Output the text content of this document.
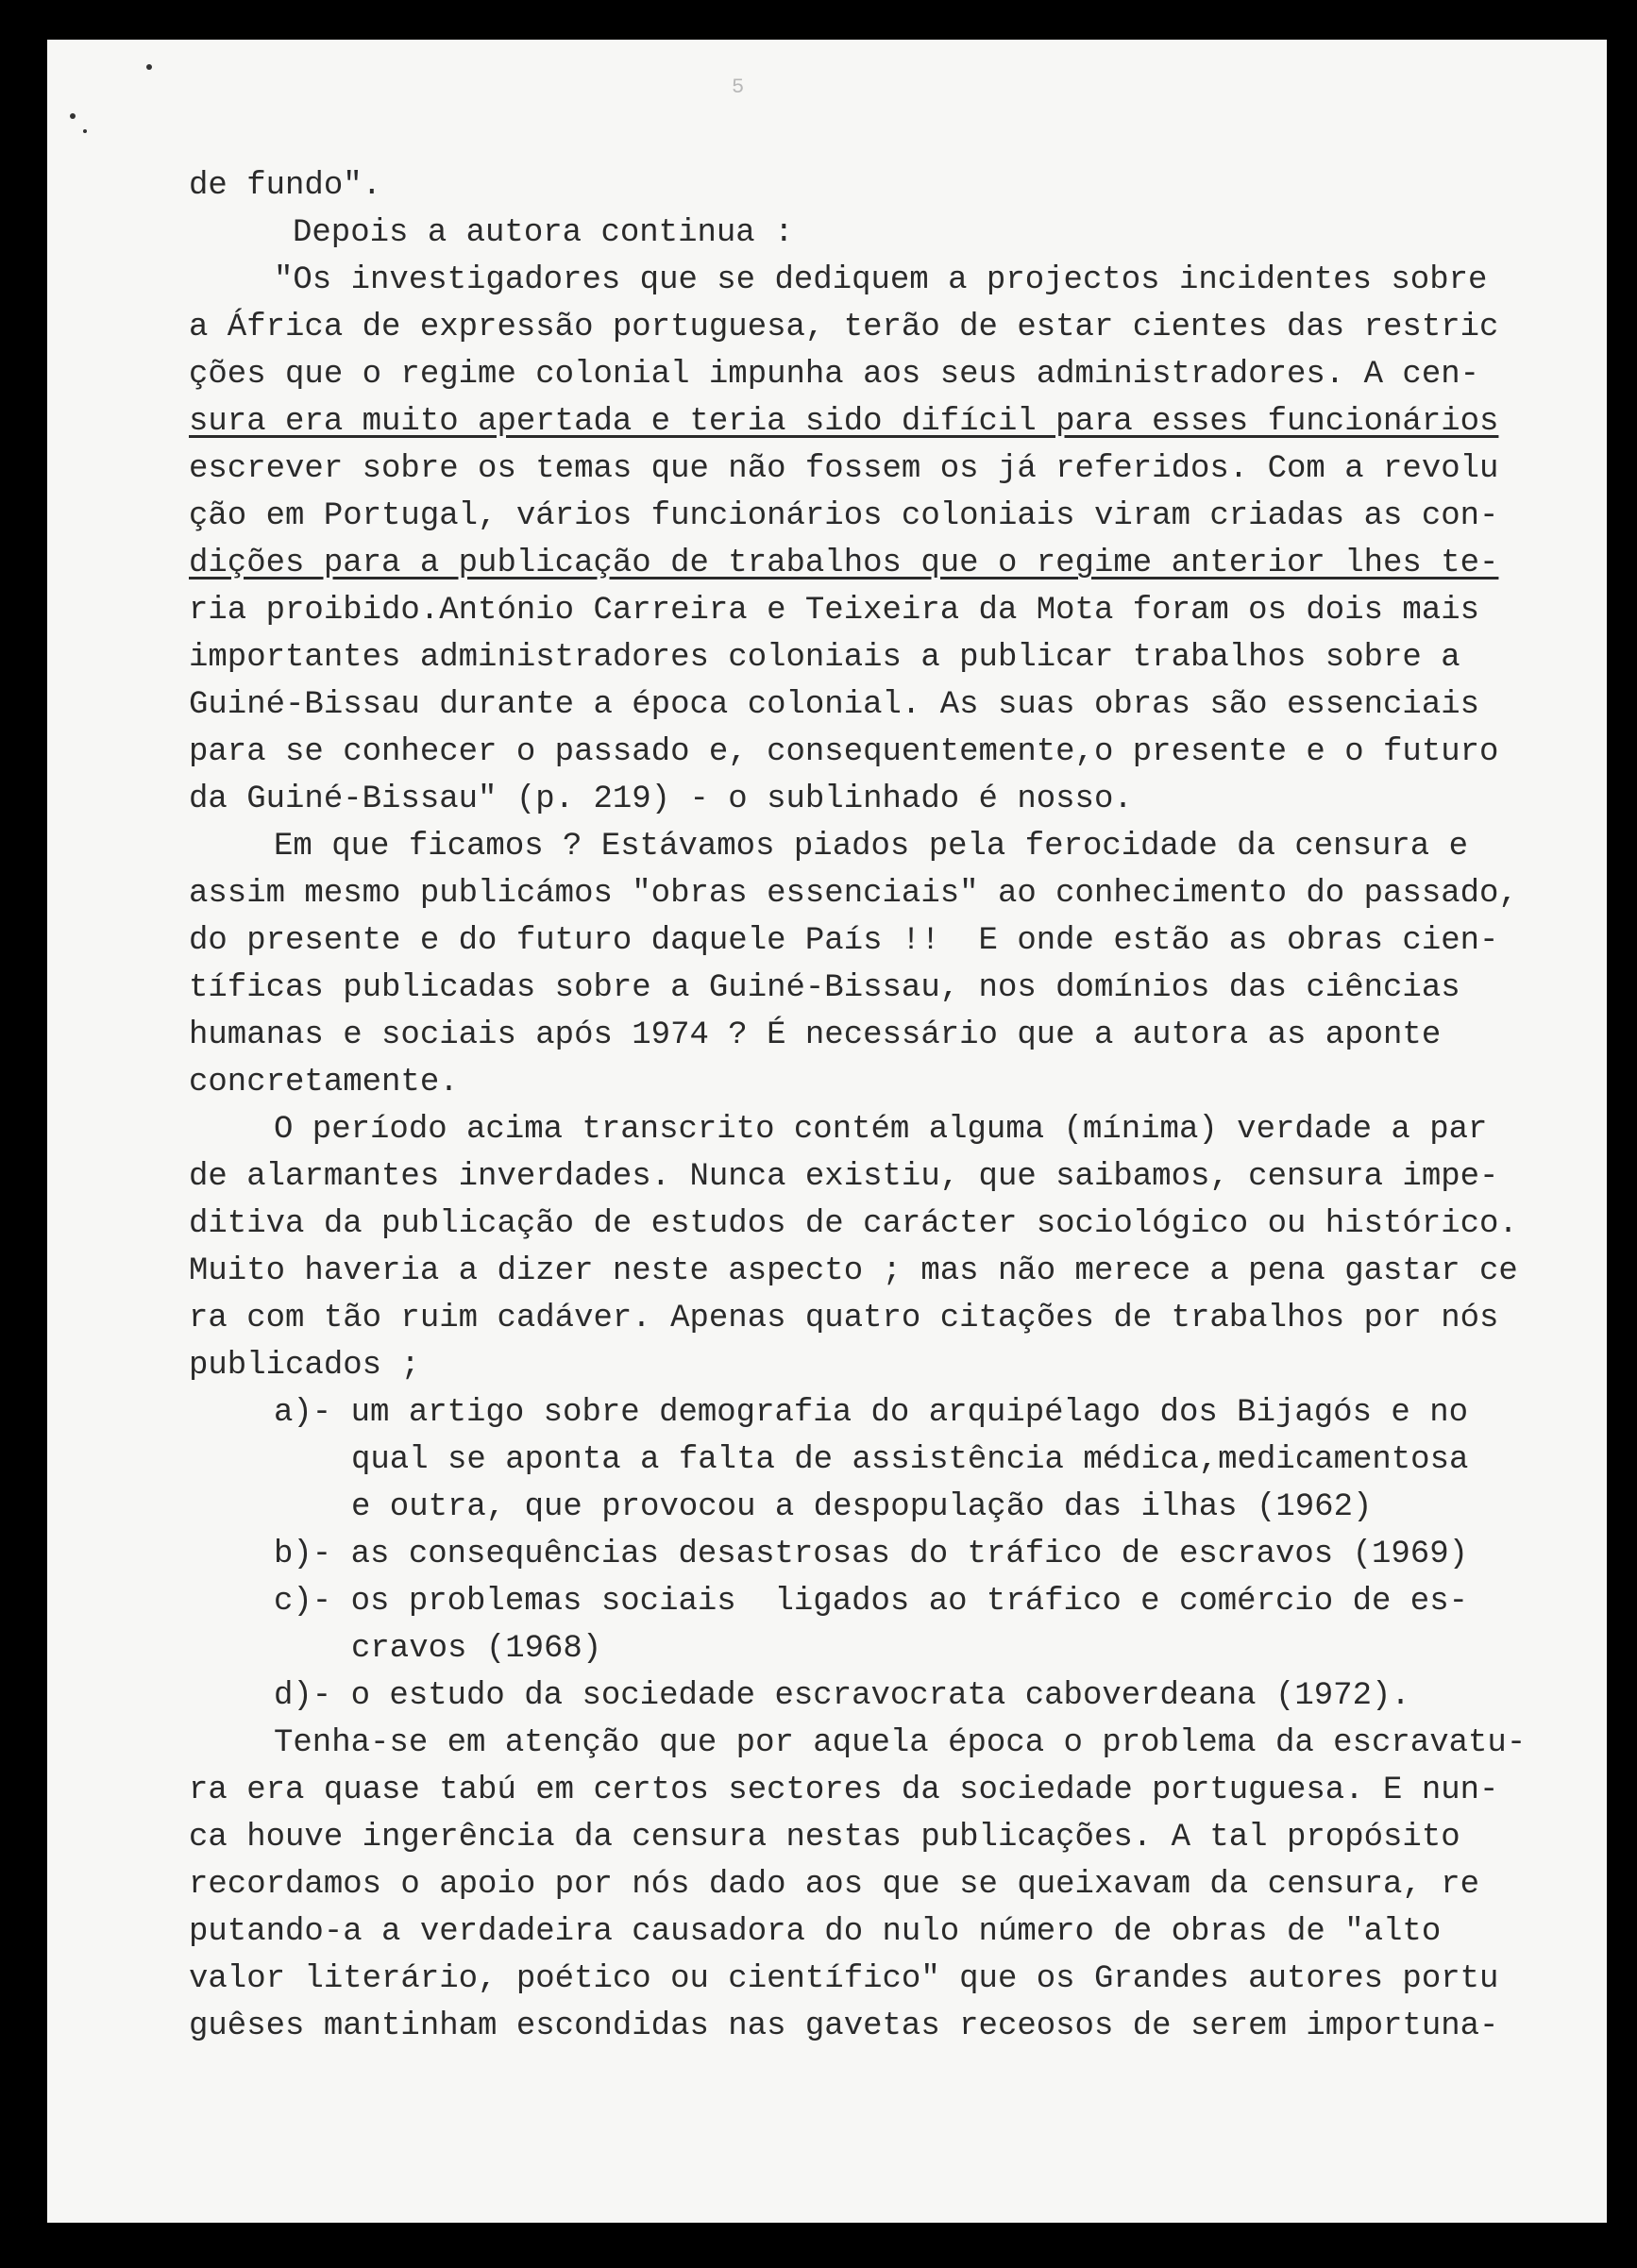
5
de fundo".
Depois a autora continua :
"Os investigadores que se dediquem a projectos incidentes sobre
a África de expressão portuguesa, terão de estar cientes das restric
ções que o regime colonial impunha aos seus administradores. A cen-
sura era muito apertada e teria sido difícil para esses funcionários
escrever sobre os temas que não fossem os já referidos. Com a revolu
ção em Portugal, vários funcionários coloniais viram criadas as con-
dições para a publicação de trabalhos que o regime anterior lhes te-
ria proibido.António Carreira e Teixeira da Mota foram os dois mais
importantes administradores coloniais a publicar trabalhos sobre a
Guiné-Bissau durante a época colonial. As suas obras são essenciais
para se conhecer o passado e, consequentemente,o presente e o futuro
da Guiné-Bissau" (p. 219) - o sublinhado é nosso.
Em que ficamos ? Estávamos piados pela ferocidade da censura e
assim mesmo publicámos "obras essenciais" ao conhecimento do passado,
do presente e do futuro daquele País !!  E onde estão as obras cien-
tíficas publicadas sobre a Guiné-Bissau, nos domínios das ciências
humanas e sociais após 1974 ? É necessário que a autora as aponte
concretamente.
O período acima transcrito contém alguma (mínima) verdade a par
de alarmantes inverdades. Nunca existiu, que saibamos, censura impe-
ditiva da publicação de estudos de carácter sociológico ou histórico.
Muito haveria a dizer neste aspecto ; mas não merece a pena gastar ce
ra com tão ruim cadáver. Apenas quatro citações de trabalhos por nós
publicados ;
a)- um artigo sobre demografia do arquipélago dos Bijagós e no
qual se aponta a falta de assistência médica,medicamentosa
e outra, que provocou a despopulação das ilhas (1962)
b)- as consequências desastrosas do tráfico de escravos (1969)
c)- os problemas sociais  ligados ao tráfico e comércio de es-
cravos (1968)
d)- o estudo da sociedade escravocrata caboverdeana (1972).
Tenha-se em atenção que por aquela época o problema da escravatu-
ra era quase tabú em certos sectores da sociedade portuguesa. E nun-
ca houve ingerência da censura nestas publicações. A tal propósito
recordamos o apoio por nós dado aos que se queixavam da censura, re
putando-a a verdadeira causadora do nulo número de obras de "alto
valor literário, poético ou científico" que os Grandes autores portu
guêses mantinham escondidas nas gavetas receosos de serem importuna-
